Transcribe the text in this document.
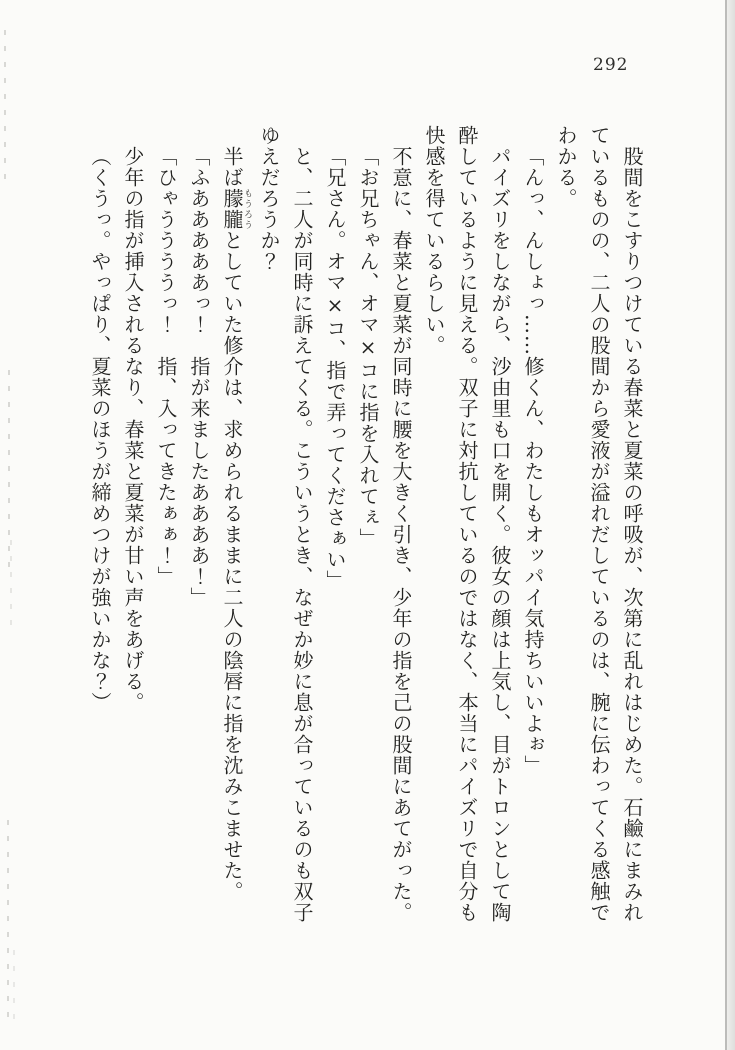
292

股間をこすりつけている春菜と夏菜の呼吸が、次第に乱れはじめた。石鹼にまみれ

ているものの、二人の股間から愛液が溢れだしているのは、腕に伝わってくる感触で

わかる。

「んっ、んしょっ……修くん、わたしもオッパイ気持ちいいよぉ」

パイズリをしながら、沙由里も口を開く。彼女の顔は上気し、目がトロンとして陶

酔しているように見える。双子に対抗しているのではなく、本当にパイズリで自分も

快感を得ているらしい。

不意に、春菜と夏菜が同時に腰を大きく引き、少年の指を己の股間にあてがった。

「お兄ちゃん、オマ×コに指を入れてぇ」

「兄さん。オマ×コ、指で弄ってくださぁい」

と、二人が同時に訴えてくる。こういうとき、なぜか妙に息が合っているのも双子

ゆえだろうか？

半ば朦朧もうろうとしていた修介は、求められるままに二人の陰唇に指を沈みこませた。

「ふあああああっ！　指が来ましたああああ！」

「ひゃううううっ！　指、入ってきたぁぁ！」

少年の指が挿入されるなり、春菜と夏菜が甘い声をあげる。

（くうっ。やっぱり、夏菜のほうが締めつけが強いかな？）
